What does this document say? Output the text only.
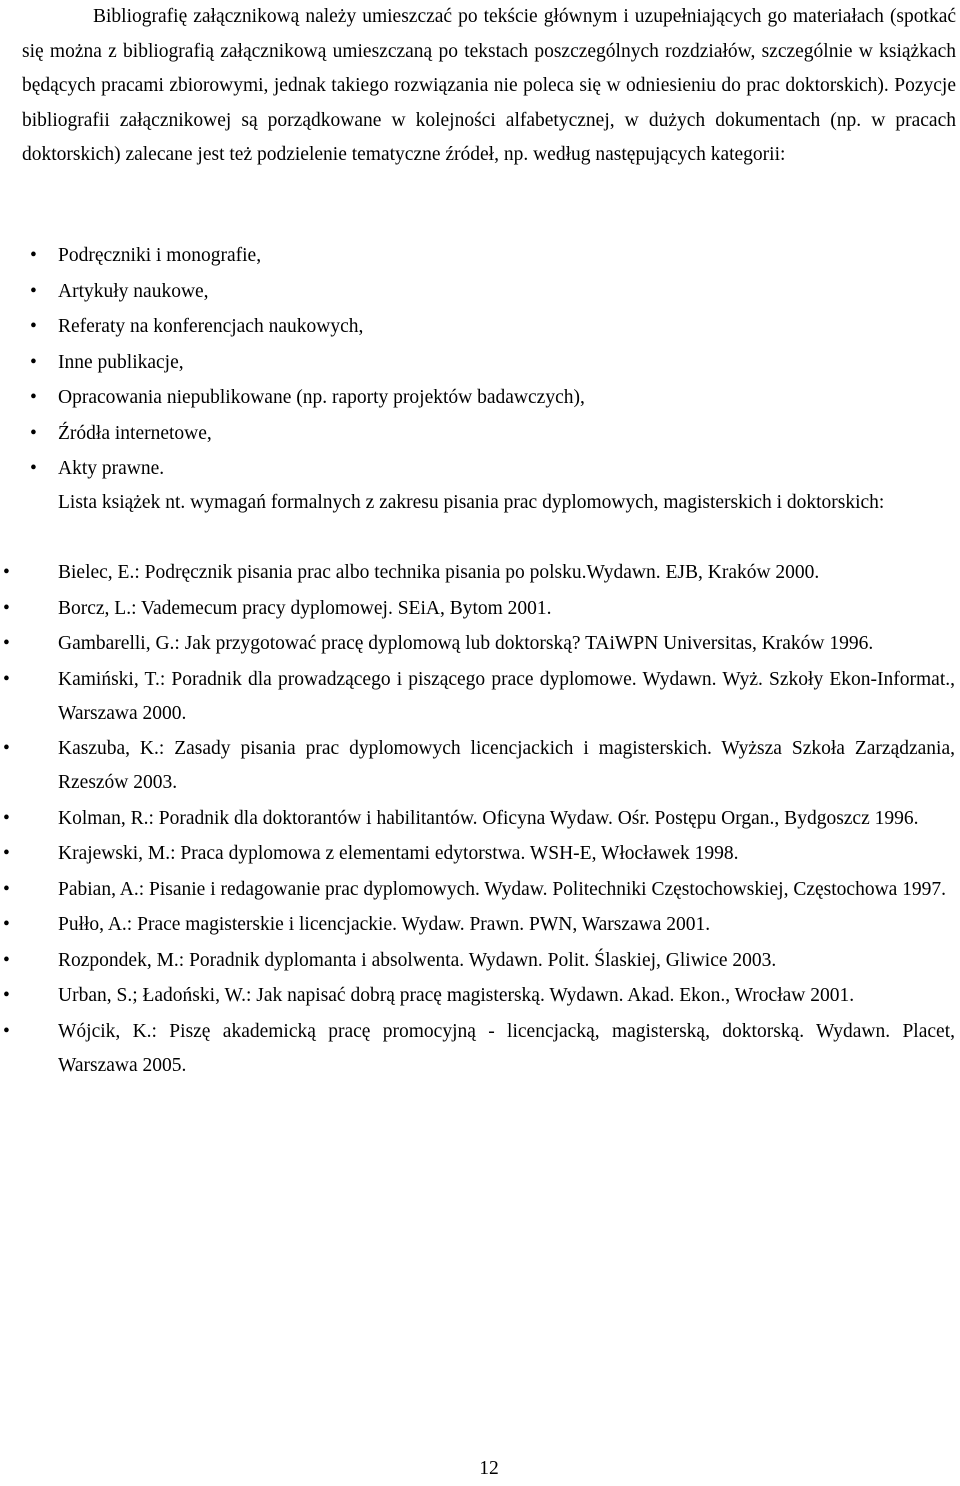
Bibliografię załącznikową należy umieszczać po tekście głównym i uzupełniających go materiałach (spotkać się można z bibliografią załącznikową umieszczaną po tekstach poszczególnych rozdziałów, szczególnie w książkach będących pracami zbiorowymi, jednak takiego rozwiązania nie poleca się w odniesieniu do prac doktorskich). Pozycje bibliografii załącznikowej są porządkowane w kolejności alfabetycznej, w dużych dokumentach (np. w pracach doktorskich) zalecane jest też podzielenie tematyczne źródeł, np. według następujących kategorii:

• Podręczniki i monografie,
• Artykuły naukowe,
• Referaty na konferencjach naukowych,
• Inne publikacje,
• Opracowania niepublikowane (np. raporty projektów badawczych),
• Źródła internetowe,
• Akty prawne.

Lista książek nt. wymagań formalnych z zakresu pisania prac dyplomowych, magisterskich i doktorskich:

• Bielec, E.: Podręcznik pisania prac albo technika pisania po polsku.Wydawn. EJB, Kraków 2000.
• Borcz, L.: Vademecum pracy dyplomowej. SEiA, Bytom 2001.
• Gambarelli, G.: Jak przygotować pracę dyplomową lub doktorską? TAiWPN Universitas, Kraków 1996.
• Kamiński, T.: Poradnik dla prowadzącego i piszącego prace dyplomowe. Wydawn. Wyż. Szkoły Ekon-Informat., Warszawa 2000.
• Kaszuba, K.: Zasady pisania prac dyplomowych licencjackich i magisterskich. Wyższa Szkoła Zarządzania, Rzeszów 2003.
• Kolman, R.: Poradnik dla doktorantów i habilitantów. Oficyna Wydaw. Ośr. Postępu Organ., Bydgoszcz 1996.
• Krajewski, M.: Praca dyplomowa z elementami edytorstwa. WSH-E, Włocławek 1998.
• Pabian, A.: Pisanie i redagowanie prac dyplomowych. Wydaw. Politechniki Częstochowskiej, Częstochowa 1997.
• Pułło, A.: Prace magisterskie i licencjackie. Wydaw. Prawn. PWN, Warszawa 2001.
• Rozpondek, M.: Poradnik dyplomanta i absolwenta. Wydawn. Polit. Ślaskiej, Gliwice 2003.
• Urban, S.; Ładoński, W.: Jak napisać dobrą pracę magisterską. Wydawn. Akad. Ekon., Wrocław 2001.
• Wójcik, K.: Piszę akademicką pracę promocyjną - licencjacką, magisterską, doktorską. Wydawn. Placet, Warszawa 2005.
12
